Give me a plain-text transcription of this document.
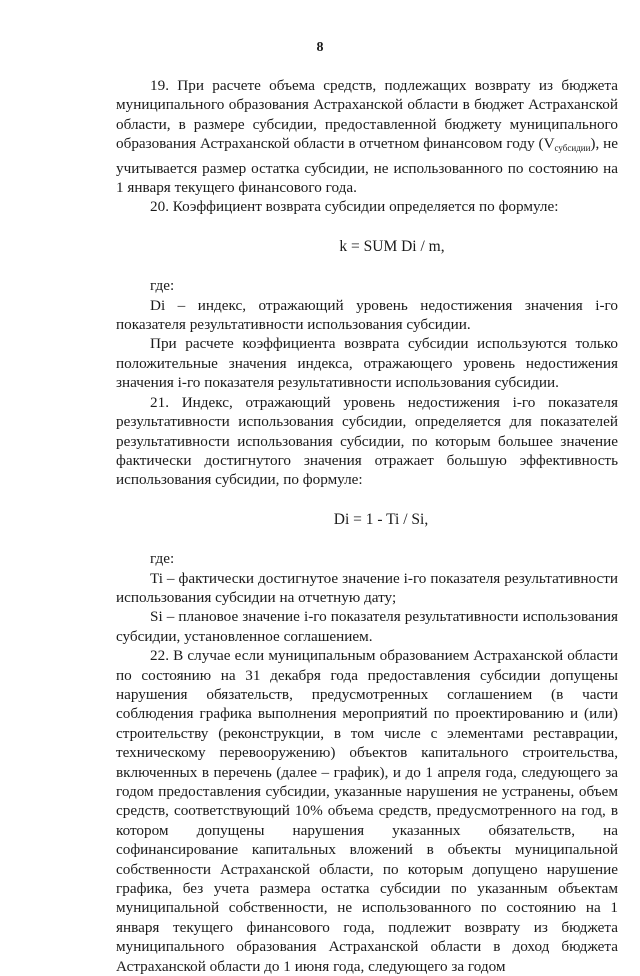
8

19. При расчете объема средств, подлежащих возврату из бюджета муниципального образования Астраханской области в бюджет Астраханской области, в размере субсидии, предоставленной бюджету муниципального образования Астраханской области в отчетном финансовом году $(V_{субсидии})$, не учитывается размер остатка субсидии, не использованного по состоянию на 1 января текущего финансового года.

20. Коэффициент возврата субсидии определяется по формуле:

k = SUM Di / m,

где:

Di – индекс, отражающий уровень недостижения значения i-го показателя результативности использования субсидии.

При расчете коэффициента возврата субсидии используются только положительные значения индекса, отражающего уровень недостижения значения i-го показателя результативности использования субсидии.

21. Индекс, отражающий уровень недостижения i-го показателя результативности использования субсидии, определяется для показателей результативности использования субсидии, по которым большее значение фактически достигнутого значения отражает большую эффективность использования субсидии, по формуле:

Di = 1 - Ti / Si,

где:

Ti – фактически достигнутое значение i-го показателя результативности использования субсидии на отчетную дату;

Si – плановое значение i-го показателя результативности использования субсидии, установленное соглашением.

22. В случае если муниципальным образованием Астраханской области по состоянию на 31 декабря года предоставления субсидии допущены нарушения обязательств, предусмотренных соглашением (в части соблюдения графика выполнения мероприятий по проектированию и (или) строительству (реконструкции, в том числе с элементами реставрации, техническому перевооружению) объектов капитального строительства, включенных в перечень (далее – график), и до 1 апреля года, следующего за годом предоставления субсидии, указанные нарушения не устранены, объем средств, соответствующий 10% объема средств, предусмотренного на год, в котором допущены нарушения указанных обязательств, на софинансирование капитальных вложений в объекты муниципальной собственности Астраханской области, по которым допущено нарушение графика, без учета размера остатка субсидии по указанным объектам муниципальной собственности, не использованного по состоянию на 1 января текущего финансового года, подлежит возврату из бюджета муниципального образования Астраханской области в доход бюджета Астраханской области до 1 июня года, следующего за годом
